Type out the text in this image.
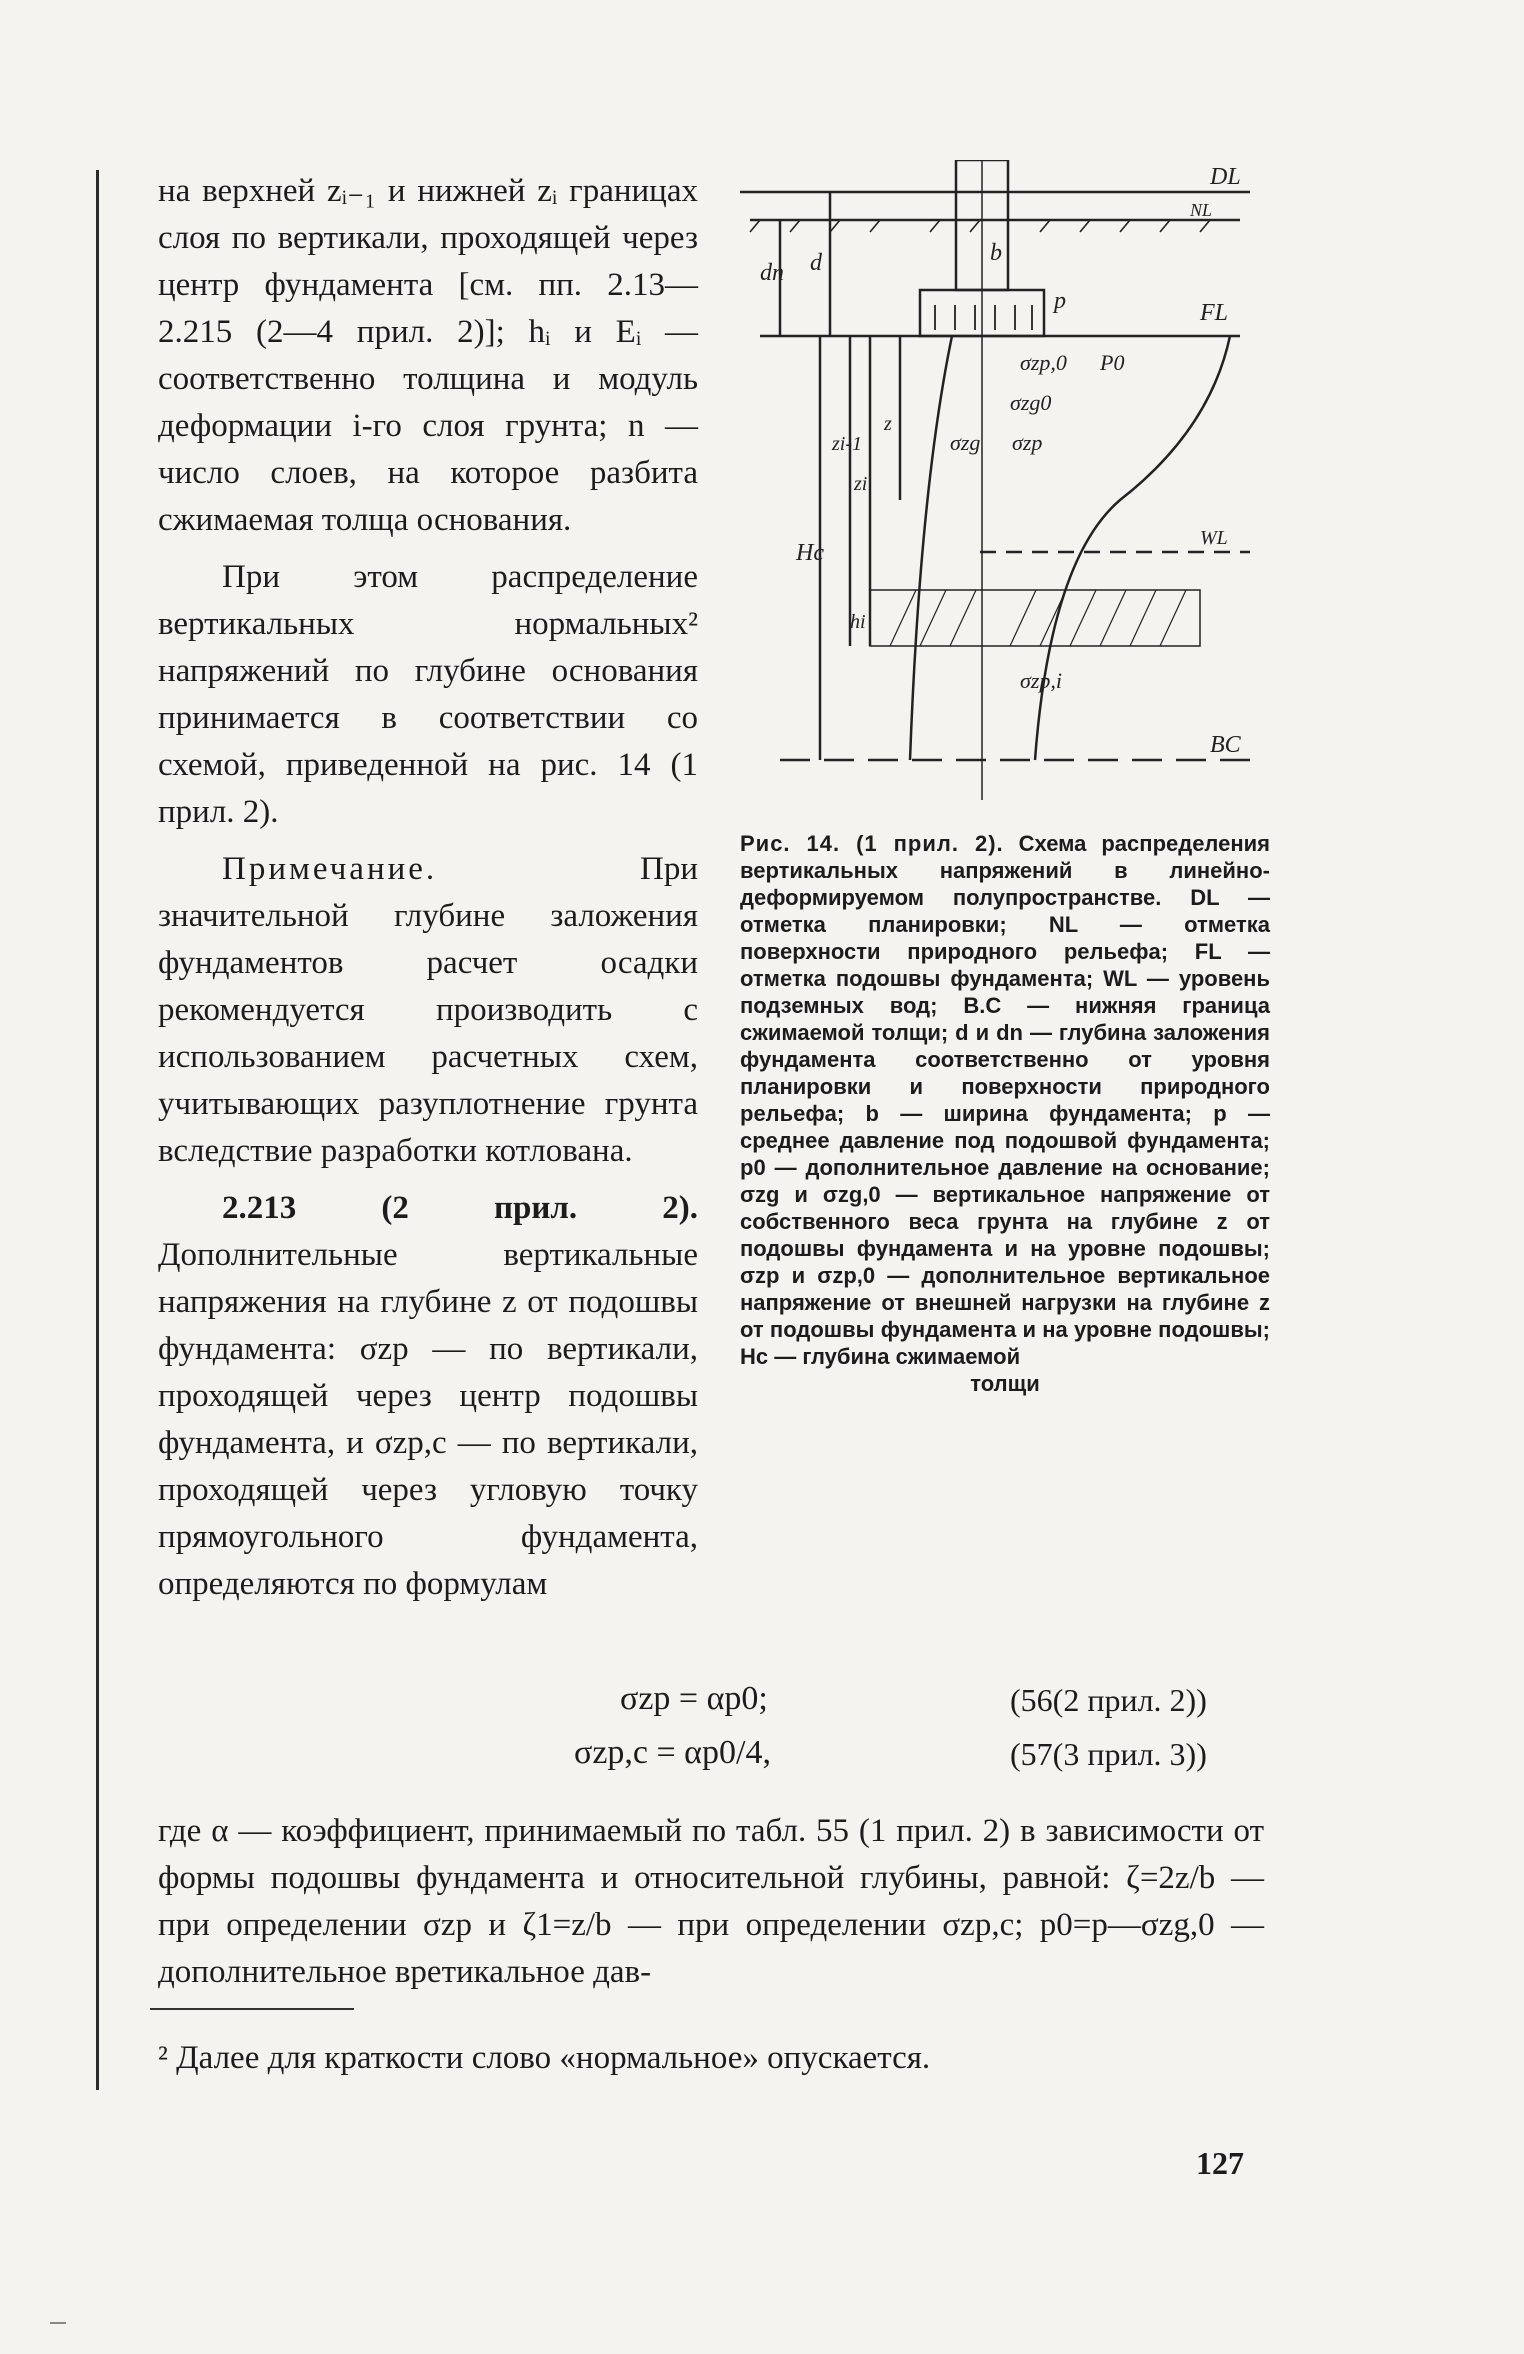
на верхней zᵢ₋₁ и нижней zᵢ границах слоя по вертикали, проходящей через центр фундамента [см. пп. 2.13—2.215 (2—4 прил. 2)]; hᵢ и Eᵢ — соответственно толщина и модуль деформации i-го слоя грунта; n — число слоев, на которое разбита сжимаемая толща основания.

При этом распределение вертикальных нормальных² напряжений по глубине основания принимается в соответствии со схемой, приведенной на рис. 14 (1 прил. 2).

Примечание. При значительной глубине заложения фундаментов расчет осадки рекомендуется производить с использованием расчетных схем, учитывающих разуплотнение грунта вследствие разработки котлована.

2.213 (2 прил. 2). Дополнительные вертикальные напряжения на глубине z от подошвы фундамента: σzp — по вертикали, проходящей через центр подошвы фундамента, и σzp,c — по вертикали, проходящей через угловую точку прямоугольного фундамента, определяются по формулам

DL
NL
FL
WL
BC
b
p
dn d
Hc
zi
zi-1
z
hi
σzp,0 P0
σzg0
σzg σzp
σzp,i
Рис. 14. (1 прил. 2). Схема распределения вертикальных напряжений в линейно-деформируемом полупространстве. DL — отметка планировки; NL — отметка поверхности природного рельефа; FL — отметка подошвы фундамента; WL — уровень подземных вод; B.C — нижняя граница сжимаемой толщи; d и dn — глубина заложения фундамента соответственно от уровня планировки и поверхности природного рельефа; b — ширина фундамента; p — среднее давление под подошвой фундамента; p0 — дополнительное давление на основание; σzg и σzg,0 — вертикальное напряжение от собственного веса грунта на глубине z от подошвы фундамента и на уровне подошвы; σzp и σzp,0 — дополнительное вертикальное напряжение от внешней нагрузки на глубине z от подошвы фундамента и на уровне подошвы; Hc — глубина сжимаемой
толщи
σzp = αp0;	(56(2 прил. 2))
σzp,c = αp0/4,	(57(3 прил. 3))
где α — коэффициент, принимаемый по табл. 55 (1 прил. 2) в зависимости от формы подошвы фундамента и относительной глубины, равной: ζ=2z/b — при определении σzp и ζ1=z/b — при определении σzp,c; p0=p—σzg,0 — дополнительное вретикальное дав-
² Далее для краткости слово «нормальное» опускается.
127
